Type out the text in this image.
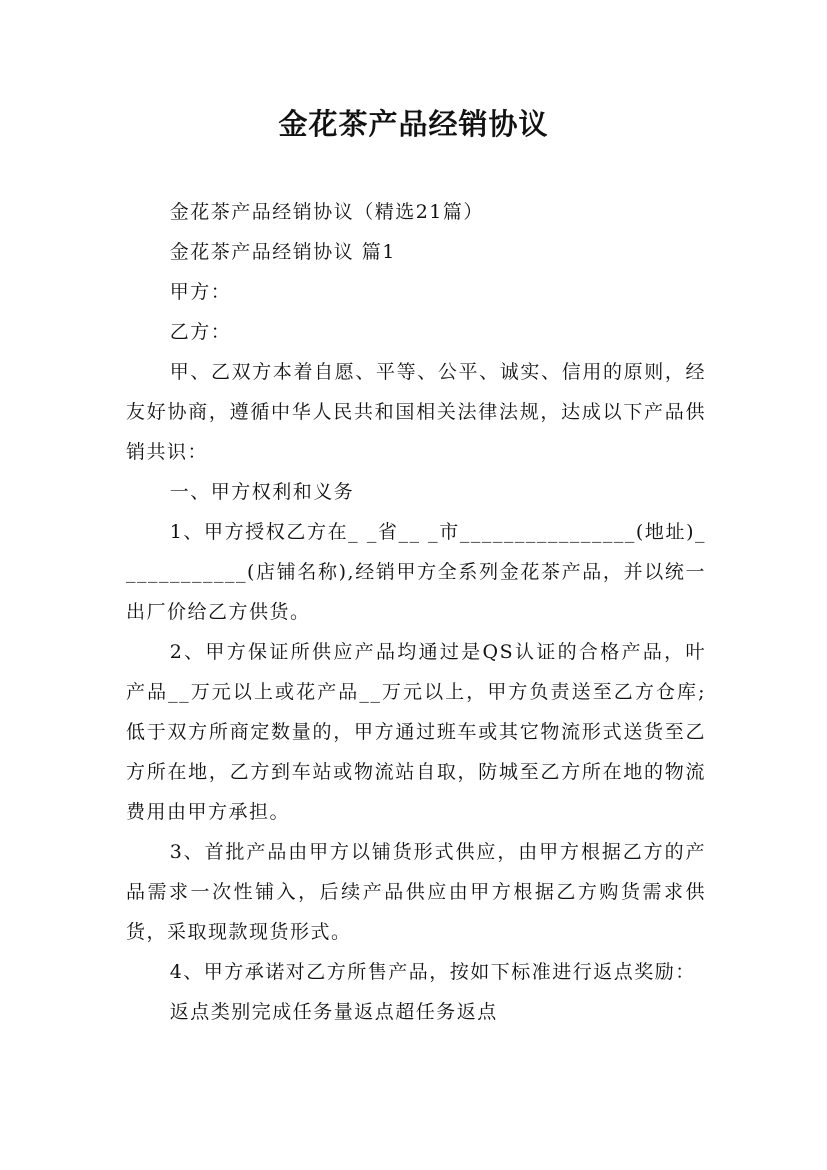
金花茶产品经销协议

金花茶产品经销协议（精选21篇）

金花茶产品经销协议 篇1

甲方：

乙方：

甲、乙双方本着自愿、平等、公平、诚实、信用的原则，经友好协商，遵循中华人民共和国相关法律法规，达成以下产品供销共识：

一、甲方权利和义务

1、甲方授权乙方在_ _省__ _市________________(地址)____________(店铺名称),经销甲方全系列金花茶产品，并以统一出厂价给乙方供货。

2、甲方保证所供应产品均通过是QS认证的合格产品，叶产品__万元以上或花产品__万元以上，甲方负责送至乙方仓库;低于双方所商定数量的，甲方通过班车或其它物流形式送货至乙方所在地，乙方到车站或物流站自取，防城至乙方所在地的物流费用由甲方承担。

3、首批产品由甲方以铺货形式供应，由甲方根据乙方的产品需求一次性铺入，后续产品供应由甲方根据乙方购货需求供货，采取现款现货形式。

4、甲方承诺对乙方所售产品，按如下标准进行返点奖励：

返点类别完成任务量返点超任务返点
